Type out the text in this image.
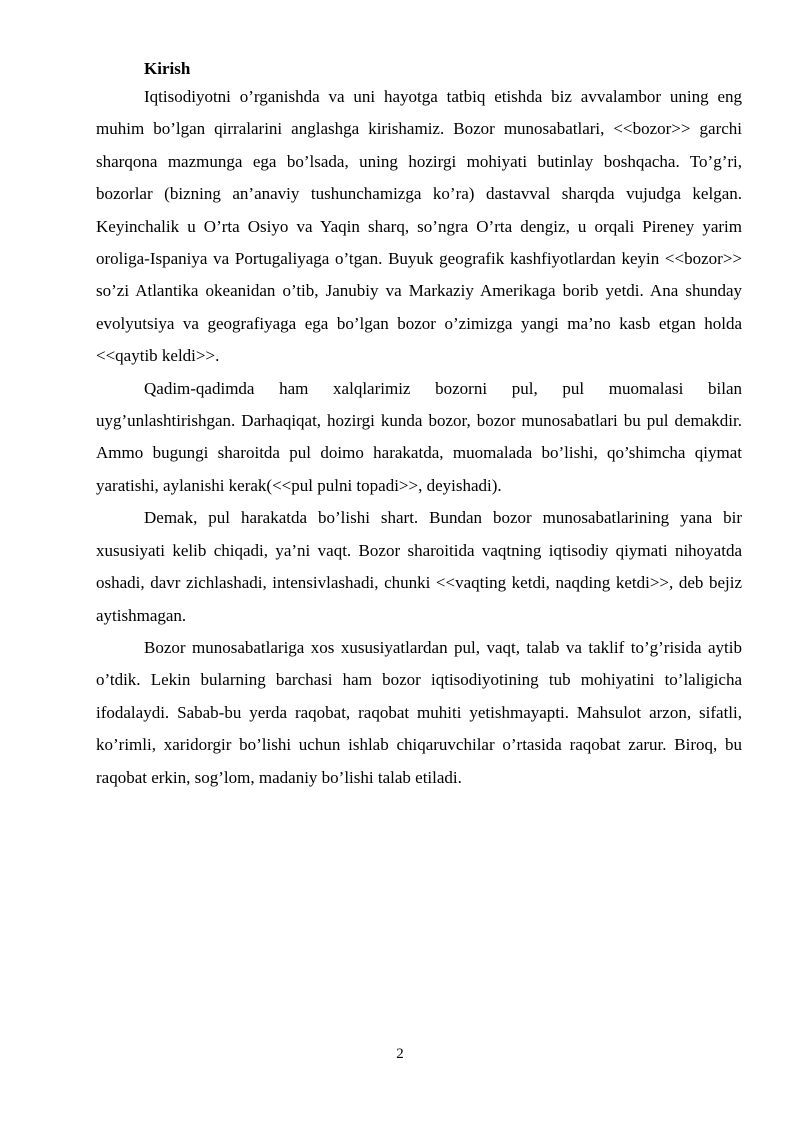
Kirish

Iqtisodiyotni o’rganishda va uni hayotga tatbiq etishda biz avvalambor uning eng muhim bo’lgan qirralarini anglashga kirishamiz. Bozor munosabatlari, <<bozor>> garchi sharqona mazmunga ega bo’lsada, uning hozirgi mohiyati butinlay boshqacha. To’g’ri, bozorlar (bizning an’anaviy tushunchamizga ko’ra) dastavval sharqda vujudga kelgan. Keyinchalik u O’rta Osiyo va Yaqin sharq, so’ngra O’rta dengiz, u orqali Pireney yarim oroliga-Ispaniya va Portugaliyaga o’tgan. Buyuk geografik kashfiyotlardan keyin <<bozor>> so’zi Atlantika okeanidan o’tib, Janubiy va Markaziy Amerikaga borib yetdi. Ana shunday evolyutsiya va geografiyaga ega bo’lgan bozor o’zimizga yangi ma’no kasb etgan holda <<qaytib keldi>>.

Qadim-qadimda ham xalqlarimiz bozorni pul, pul muomalasi bilan uyg’unlashtirishgan. Darhaqiqat, hozirgi kunda bozor, bozor munosabatlari bu pul demakdir. Ammo bugungi sharoitda pul doimo harakatda, muomalada bo’lishi, qo’shimcha qiymat yaratishi, aylanishi kerak(<<pul pulni topadi>>, deyishadi).

Demak, pul harakatda bo’lishi shart. Bundan bozor munosabatlarining yana bir xususiyati kelib chiqadi, ya’ni vaqt. Bozor sharoitida vaqtning iqtisodiy qiymati nihoyatda oshadi, davr zichlashadi, intensivlashadi, chunki <<vaqting ketdi, naqding ketdi>>, deb bejiz aytishmagan.

Bozor munosabatlariga xos xususiyatlardan pul, vaqt, talab va taklif to’g’risida aytib o’tdik. Lekin bularning barchasi ham bozor iqtisodiyotining tub mohiyatini to’laligicha ifodalaydi. Sabab-bu yerda raqobat, raqobat muhiti yetishmayapti. Mahsulot arzon, sifatli, ko’rimli, xaridorgir bo’lishi uchun ishlab chiqaruvchilar o’rtasida raqobat zarur. Biroq, bu raqobat erkin, sog’lom, madaniy bo’lishi talab etiladi.

2
